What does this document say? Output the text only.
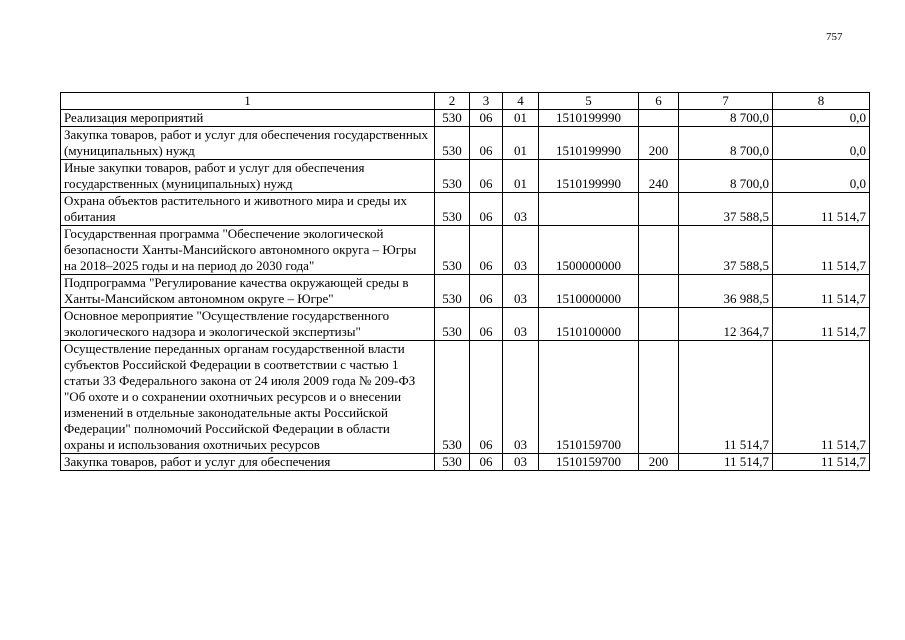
757
1	2	3	4	5	6	7	8
Реализация мероприятий	530	06	01	1510199990		8 700,0	0,0
Закупка товаров, работ и услуг для обеспечения государственных (муниципальных) нужд	530	06	01	1510199990	200	8 700,0	0,0
Иные закупки товаров, работ и услуг для обеспечения государственных (муниципальных) нужд	530	06	01	1510199990	240	8 700,0	0,0
Охрана объектов растительного и животного мира и среды их обитания	530	06	03			37 588,5	11 514,7
Государственная программа "Обеспечение экологической безопасности Ханты-Мансийского автономного округа – Югры на 2018–2025 годы и на период до 2030 года"	530	06	03	1500000000		37 588,5	11 514,7
Подпрограмма "Регулирование качества окружающей среды в Ханты-Мансийском автономном округе – Югре"	530	06	03	1510000000		36 988,5	11 514,7
Основное мероприятие "Осуществление государственного экологического надзора и экологической экспертизы"	530	06	03	1510100000		12 364,7	11 514,7
Осуществление переданных органам государственной власти субъектов Российской Федерации в соответствии с частью 1 статьи 33 Федерального закона от 24 июля 2009 года № 209-ФЗ "Об охоте и о сохранении охотничьих ресурсов и о внесении изменений в отдельные законодательные акты Российской Федерации" полномочий Российской Федерации в области охраны и использования охотничьих ресурсов	530	06	03	1510159700		11 514,7	11 514,7
Закупка товаров, работ и услуг для обеспечения	530	06	03	1510159700	200	11 514,7	11 514,7
